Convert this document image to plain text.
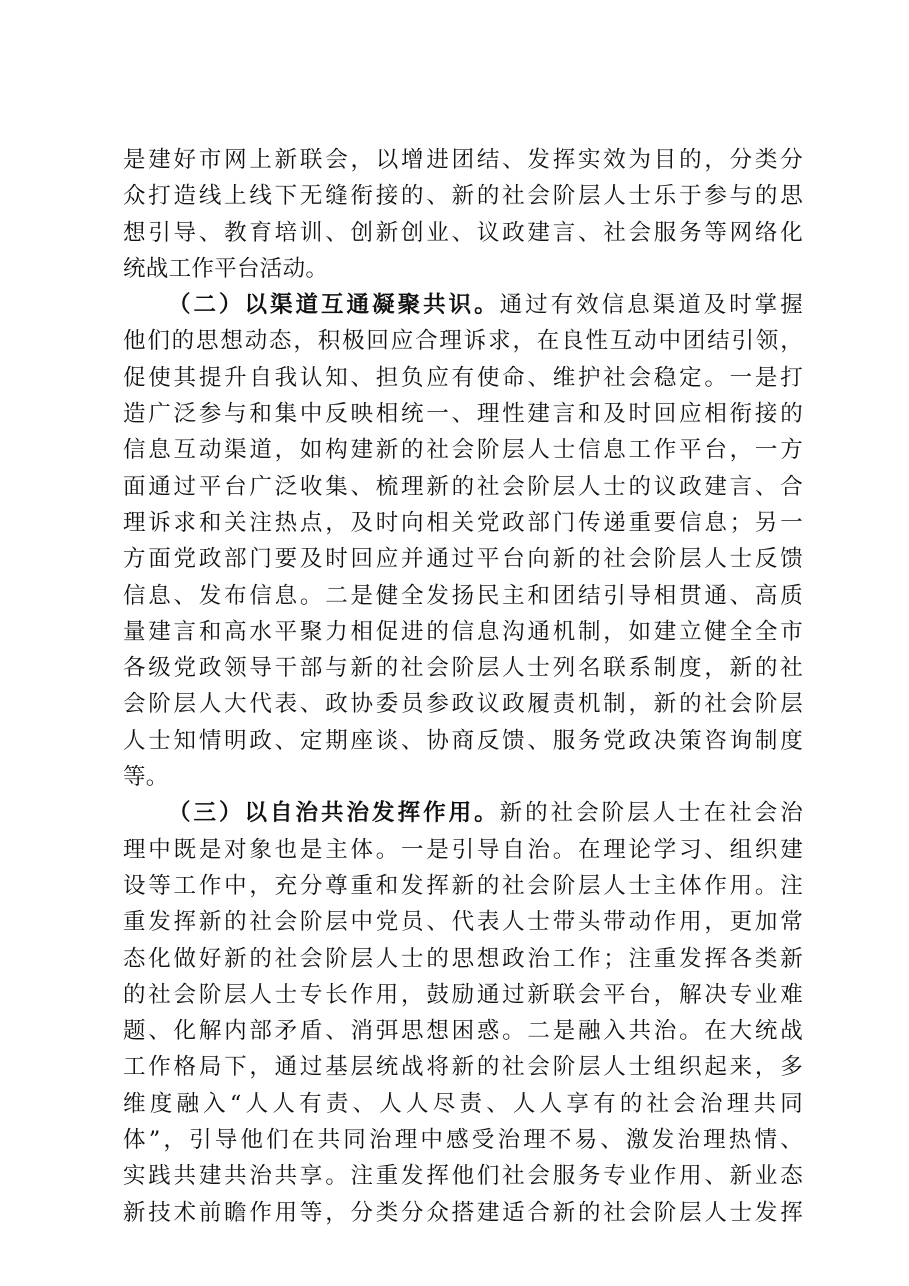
是建好市网上新联会，以增进团结、发挥实效为目的，分类分
众打造线上线下无缝衔接的、新的社会阶层人士乐于参与的思
想引导、教育培训、创新创业、议政建言、社会服务等网络化
统战工作平台活动。
（二）以渠道互通凝聚共识。通过有效信息渠道及时掌握
他们的思想动态，积极回应合理诉求，在良性互动中团结引领，
促使其提升自我认知、担负应有使命、维护社会稳定。一是打
造广泛参与和集中反映相统一、理性建言和及时回应相衔接的
信息互动渠道，如构建新的社会阶层人士信息工作平台，一方
面通过平台广泛收集、梳理新的社会阶层人士的议政建言、合
理诉求和关注热点，及时向相关党政部门传递重要信息；另一
方面党政部门要及时回应并通过平台向新的社会阶层人士反馈
信息、发布信息。二是健全发扬民主和团结引导相贯通、高质
量建言和高水平聚力相促进的信息沟通机制，如建立健全全市
各级党政领导干部与新的社会阶层人士列名联系制度，新的社
会阶层人大代表、政协委员参政议政履责机制，新的社会阶层
人士知情明政、定期座谈、协商反馈、服务党政决策咨询制度
等。
（三）以自治共治发挥作用。新的社会阶层人士在社会治
理中既是对象也是主体。一是引导自治。在理论学习、组织建
设等工作中，充分尊重和发挥新的社会阶层人士主体作用。注
重发挥新的社会阶层中党员、代表人士带头带动作用，更加常
态化做好新的社会阶层人士的思想政治工作；注重发挥各类新
的社会阶层人士专长作用，鼓励通过新联会平台，解决专业难
题、化解内部矛盾、消弭思想困惑。二是融入共治。在大统战
工作格局下，通过基层统战将新的社会阶层人士组织起来，多
维度融入“人人有责、人人尽责、人人享有的社会治理共同
体”，引导他们在共同治理中感受治理不易、激发治理热情、
实践共建共治共享。注重发挥他们社会服务专业作用、新业态
新技术前瞻作用等，分类分众搭建适合新的社会阶层人士发挥
